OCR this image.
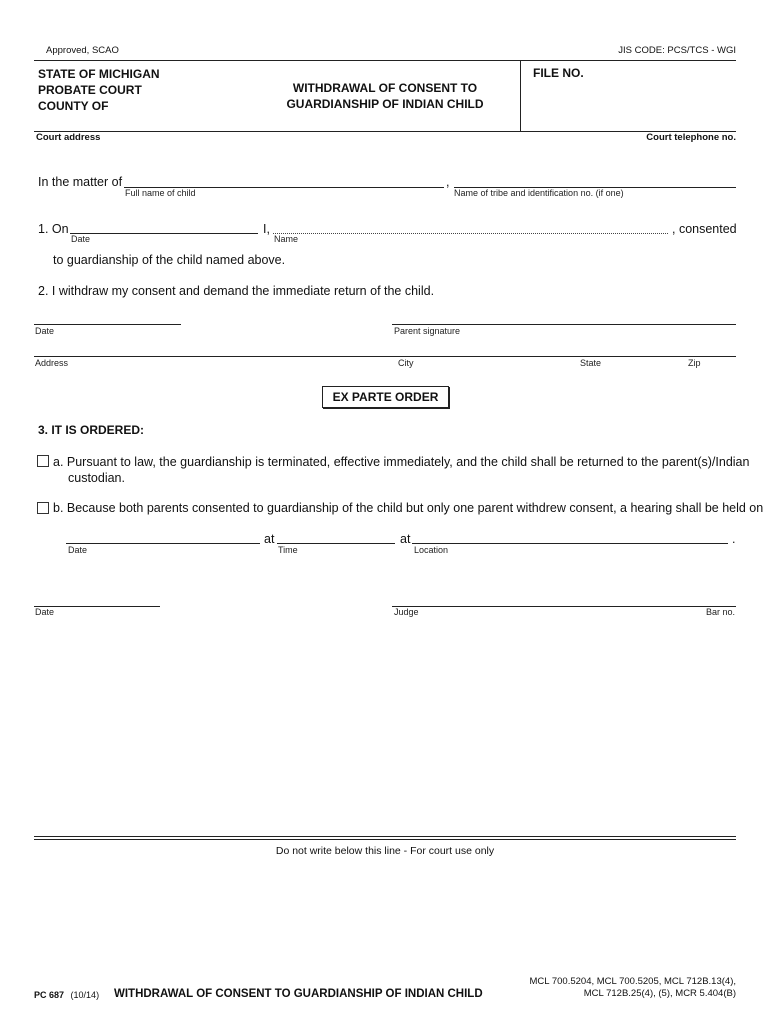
Approved, SCAO	JIS CODE: PCS/TCS - WGI
STATE OF MICHIGAN
PROBATE COURT
COUNTY OF
WITHDRAWAL OF CONSENT TO
GUARDIANSHIP OF INDIAN CHILD
FILE NO.
Court address	Court telephone no.
In the matter of	,
Full name of child	Name of tribe and identification no. (if one)
1. On
Date
I,
Name
, consented
to guardianship of the child named above.
2. I withdraw my consent and demand the immediate return of the child.
Date	Parent signature
Address	City	State	Zip
EX PARTE ORDER
3. IT IS ORDERED:
a. Pursuant to law, the guardianship is terminated, effective immediately, and the child shall be returned to the parent(s)/Indian
custodian.
b. Because both parents consented to guardianship of the child but only one parent withdrew consent, a hearing shall be held on
at	at	.
Date	Time	Location
Date	Judge	Bar no.
Do not write below this line - For court use only
PC 687 (10/14) WITHDRAWAL OF CONSENT TO GUARDIANSHIP OF INDIAN CHILD
MCL 700.5204, MCL 700.5205, MCL 712B.13(4),
MCL 712B.25(4), (5), MCR 5.404(B)
